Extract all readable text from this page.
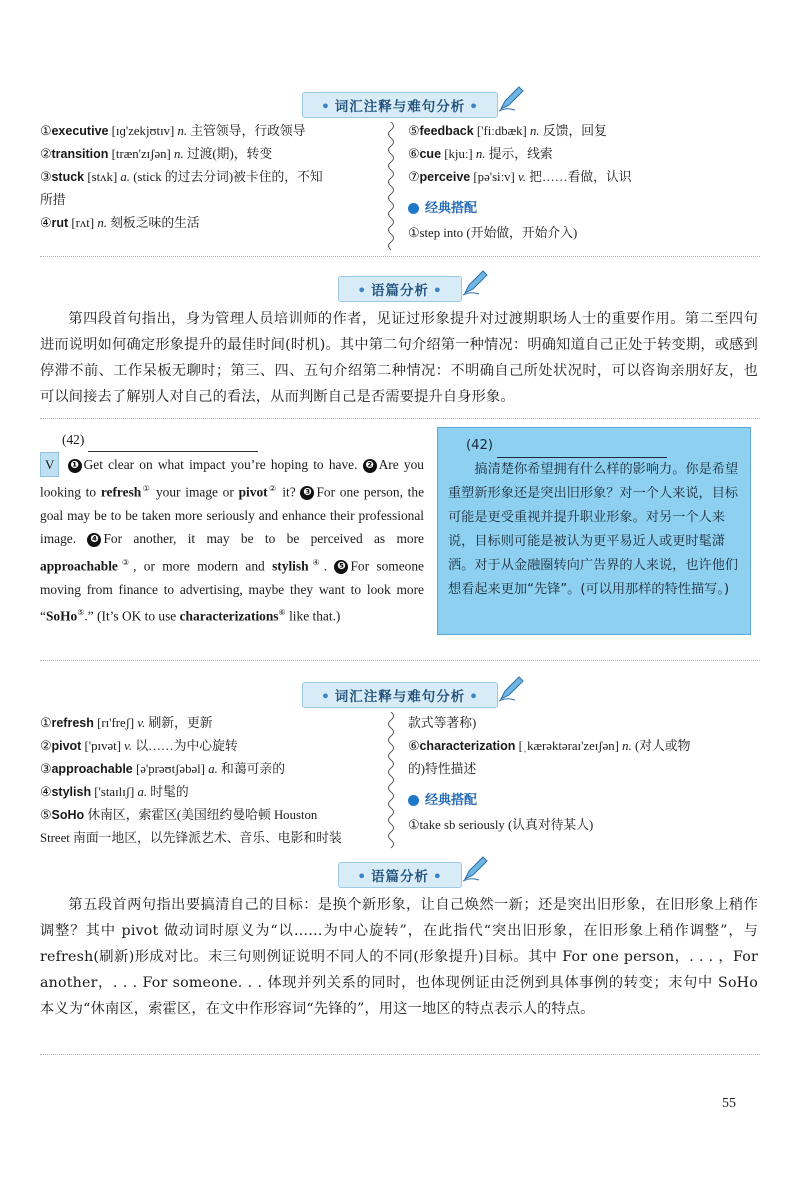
• 词汇注释与难句分析 •
①executive [ɪɡ'zekjʊtɪv] n. 主管领导，行政领导
②transition [træn'zɪʃən] n. 过渡(期)，转变
③stuck [stʌk] a. (stick 的过去分词)被卡住的，不知
所措
④rut [rʌt] n. 刻板乏味的生活
⑤feedback ['fiːdbæk] n. 反馈，回复
⑥cue [kjuː] n. 提示，线索
⑦perceive [pə'siːv] v. 把……看做，认识
经典搭配
①step into (开始做，开始介入)
• 语篇分析 •
第四段首句指出，身为管理人员培训师的作者，见证过形象提升对过渡期职场人士的重要作用。第二至四句进而说明如何确定形象提升的最佳时间(时机)。其中第二句介绍第一种情况：明确知道自己正处于转变期，或感到停滞不前、工作呆板无聊时；第三、四、五句介绍第二种情况：不明确自己所处状况时，可以咨询亲朋好友，也可以间接去了解别人对自己的看法，从而判断自己是否需要提升自身形象。
(42)
V ❶ Get clear on what impact you’re hoping to have. ❷ Are you looking to refresh① your image or pivot② it? ❸ For one person, the goal may be to be taken more seriously and enhance their professional image. ❹ For another, it may be to be perceived as more approachable③, or more modern and stylish④. ❺ For someone moving from finance to advertising, maybe they want to look more “SoHo⑤.” (It’s OK to use characterizations⑥ like that.)
(42)
搞清楚你希望拥有什么样的影响力。你是希望重塑新形象还是突出旧形象？对一个人来说，目标可能是更受重视并提升职业形象。对另一个人来说，目标则可能是被认为更平易近人或更时髦潇洒。对于从金融圈转向广告界的人来说，也许他们想看起来更加“先锋”。(可以用那样的特性描写。)
• 词汇注释与难句分析 •
①refresh [rɪ'freʃ] v. 刷新，更新
②pivot ['pɪvət] v. 以……为中心旋转
③approachable [ə'prəʊtʃəbəl] a. 和蔼可亲的
④stylish ['staɪlɪʃ] a. 时髦的
⑤SoHo 休南区，索霍区(美国纽约曼哈顿 Houston
Street 南面一地区，以先锋派艺术、音乐、电影和时装
款式等著称)
⑥characterization [ˌkærəktəraɪ'zeɪʃən] n. (对人或物
的)特性描述
经典搭配
①take sb seriously (认真对待某人)
• 语篇分析 •
第五段首两句指出要搞清自己的目标：是换个新形象，让自己焕然一新；还是突出旧形象，在旧形象上稍作调整？其中 pivot 做动词时原义为“以……为中心旋转”，在此指代“突出旧形象，在旧形象上稍作调整”，与 refresh(刷新)形成对比。末三句则例证说明不同人的不同(形象提升)目标。其中 For one person，. . . ，For another，. . . For someone. . . 体现并列关系的同时，也体现例证由泛例到具体事例的转变；末句中 SoHo 本义为“休南区，索霍区，在文中作形容词“先锋的”，用这一地区的特点表示人的特点。
55
